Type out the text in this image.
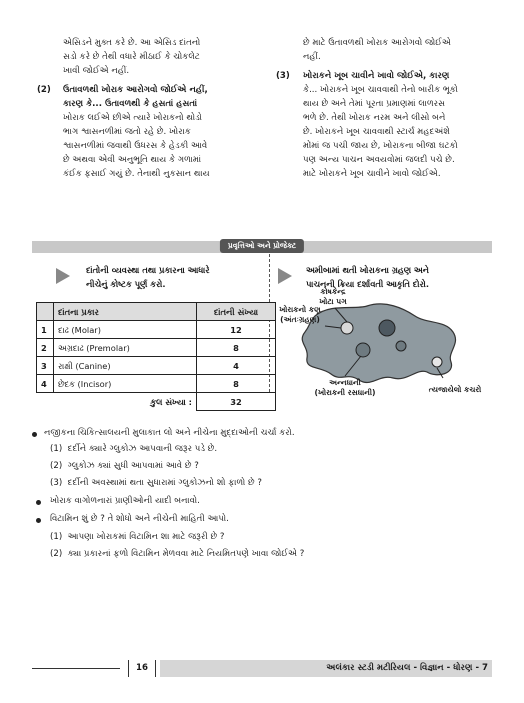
એસિડને મુક્ત કરે છે. આ એસિડ દાંતનો

સડો કરે છે તેથી વધારે મીઠાઈ કે ચોકલેટ

ખાવી જોઈએ નહીં.

(2) ઉતાવળથી ખોરાક આરોગવો જોઈએ નહીં,

કારણ કે... ઉતાવળથી કે હસતાં હસતાં

ખોરાક લઈએ છીએ ત્યારે ખોરાકનો થોડો

ભાગ શ્વાસનળીમાં જતો રહે છે. ખોરાક

શ્વાસનળીમાં જવાથી ઉધરસ કે હેડકી આવે

છે અથવા એવી અનુભૂતિ થાય કે ગળામાં

કંઈક ફસાઈ ગયું છે. તેનાથી નુકસાન થાય

છે માટે ઉતાવળથી ખોરાક આરોગવો જોઈએ

નહીં.

(3) ખોરાકને ખૂબ ચાવીને ખાવો જોઈએ, કારણ

કે... ખોરાકને ખૂબ ચાવવાથી તેનો બારીક ભૂકો

થાય છે અને તેમાં પૂરતા પ્રમાણમાં લાળરસ

ભળે છે. તેથી ખોરાક નરમ અને લીસો બને

છે. ખોરાકને ખૂબ ચાવવાથી સ્ટાર્ચ મહદઅંશે

મોંમાં જ પચી જાય છે, ખોરાકના બીજા ઘટકો

પણ અન્ય પાચન અવયવોમાં જલદી પચે છે.

માટે ખોરાકને ખૂબ ચાવીને ખાવો જોઈએ.

પ્રવૃત્તિઓ અને પ્રોજેક્ટ
દાંતોની વ્યવસ્થા તથા પ્રકારના આધારે
નીચેનું કોષ્ટક પૂર્ણ કરો.
	દાંતના પ્રકાર	દાંતની સંખ્યા
1	દાઢ (Molar)	12
2	અગ્રદાઢ (Premolar)	8
3	રાક્ષી (Canine)	4
4	છેદક (Incisor)	8
	કુલ સંખ્યા :	32
અમીબામાં થતી ખોરાકના ગ્રહણ અને
પાચનની ક્રિયા દર્શાવતી આકૃતિ દોરો.
કોષકેન્દ્ર
ખોટા પગ
ખોરાકનો કણ
(અંતઃગ્રહણ)
અન્નધાની
(ખોરાકની રસધાની)	ત્યજાયેલો કચરો
નજીકના ચિકિત્સાલયની મુલાકાત લો અને નીચેના મુદ્દાઓની ચર્ચા કરો.
(1) દર્દીને ક્યારે ગ્લુકોઝ આપવાની જરૂર પડે છે.
(2) ગ્લુકોઝ ક્યાં સુધી આપવામાં આવે છે ?
(3) દર્દીની અવસ્થામાં થતા સુધારામાં ગ્લુકોઝનો શો ફાળો છે ?
ખોરાક વાગોળનારાં પ્રાણીઓની યાદી બનાવો.
વિટામિન શું છે ? તે શોધો અને નીચેની માહિતી આપો.
(1) આપણા ખોરાકમાં વિટામિન શા માટે જરૂરી છે ?
(2) ક્યા પ્રકારનાં ફળો વિટામિન મેળવવા માટે નિયમિતપણે ખાવા જોઈએ ?
16	અલંકાર સ્ટડી મટીરિયલ - વિજ્ઞાન - ધોરણ - 7
